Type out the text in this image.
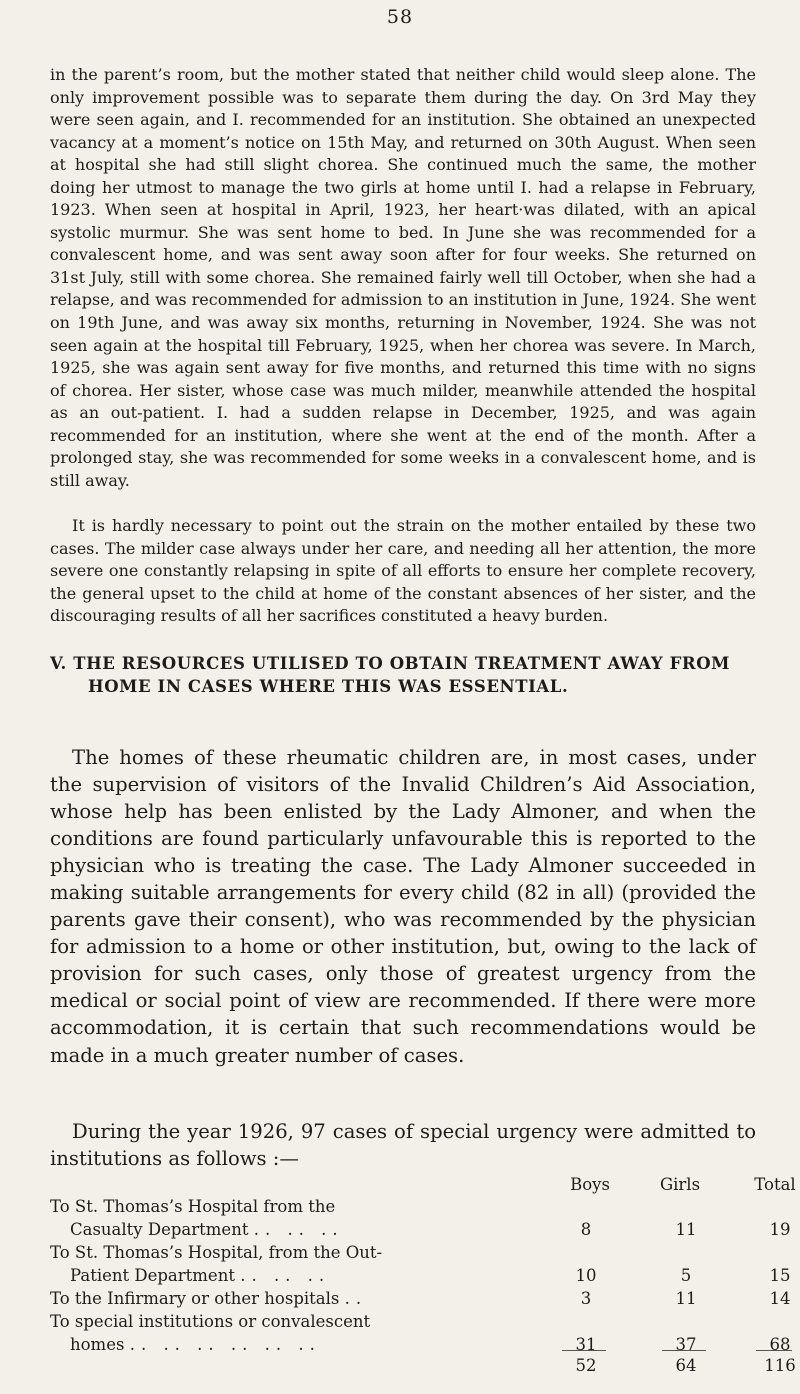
58

in the parent’s room, but the mother stated that neither child would sleep alone. The only improvement possible was to separate them during the day. On 3rd May they were seen again, and I. recommended for an institution. She obtained an unexpected vacancy at a moment’s notice on 15th May, and returned on 30th August. When seen at hospital she had still slight chorea. She continued much the same, the mother doing her utmost to manage the two girls at home until I. had a relapse in February, 1923. When seen at hospital in April, 1923, her heart·was dilated, with an apical systolic murmur. She was sent home to bed. In June she was recommended for a convalescent home, and was sent away soon after for four weeks. She returned on 31st July, still with some chorea. She remained fairly well till October, when she had a relapse, and was recommended for admission to an institution in June, 1924. She went on 19th June, and was away six months, returning in November, 1924. She was not seen again at the hospital till February, 1925, when her chorea was severe. In March, 1925, she was again sent away for five months, and returned this time with no signs of chorea. Her sister, whose case was much milder, meanwhile attended the hospital as an out-patient. I. had a sudden relapse in December, 1925, and was again recommended for an institution, where she went at the end of the month. After a prolonged stay, she was recommended for some weeks in a convalescent home, and is still away.

It is hardly necessary to point out the strain on the mother entailed by these two cases. The milder case always under her care, and needing all her attention, the more severe one constantly relapsing in spite of all efforts to ensure her complete recovery, the general upset to the child at home of the constant absences of her sister, and the discouraging results of all her sacrifices constituted a heavy burden.

V. THE RESOURCES UTILISED TO OBTAIN TREATMENT AWAY FROM
HOME IN CASES WHERE THIS WAS ESSENTIAL.

The homes of these rheumatic children are, in most cases, under the supervision of visitors of the Invalid Children’s Aid Association, whose help has been enlisted by the Lady Almoner, and when the conditions are found particularly unfavourable this is reported to the physician who is treating the case. The Lady Almoner succeeded in making suitable arrangements for every child (82 in all) (provided the parents gave their consent), who was recommended by the physician for admission to a home or other institution, but, owing to the lack of provision for such cases, only those of greatest urgency from the medical or social point of view are recommended. If there were more accommodation, it is certain that such recommendations would be made in a much greater number of cases.

During the year 1926, 97 cases of special urgency were admitted to institutions as follows :—

Boys	Girls	Total
To St. Thomas’s Hospital from the
Casualty Department .. .. ..	8	11	19
To St. Thomas’s Hospital, from the Out-
Patient Department .. .. ..	10	5	15
To the Infirmary or other hospitals ..	3	11	14
To special institutions or convalescent
homes .. .. .. .. .. ..	31	37	68
52	64	116
